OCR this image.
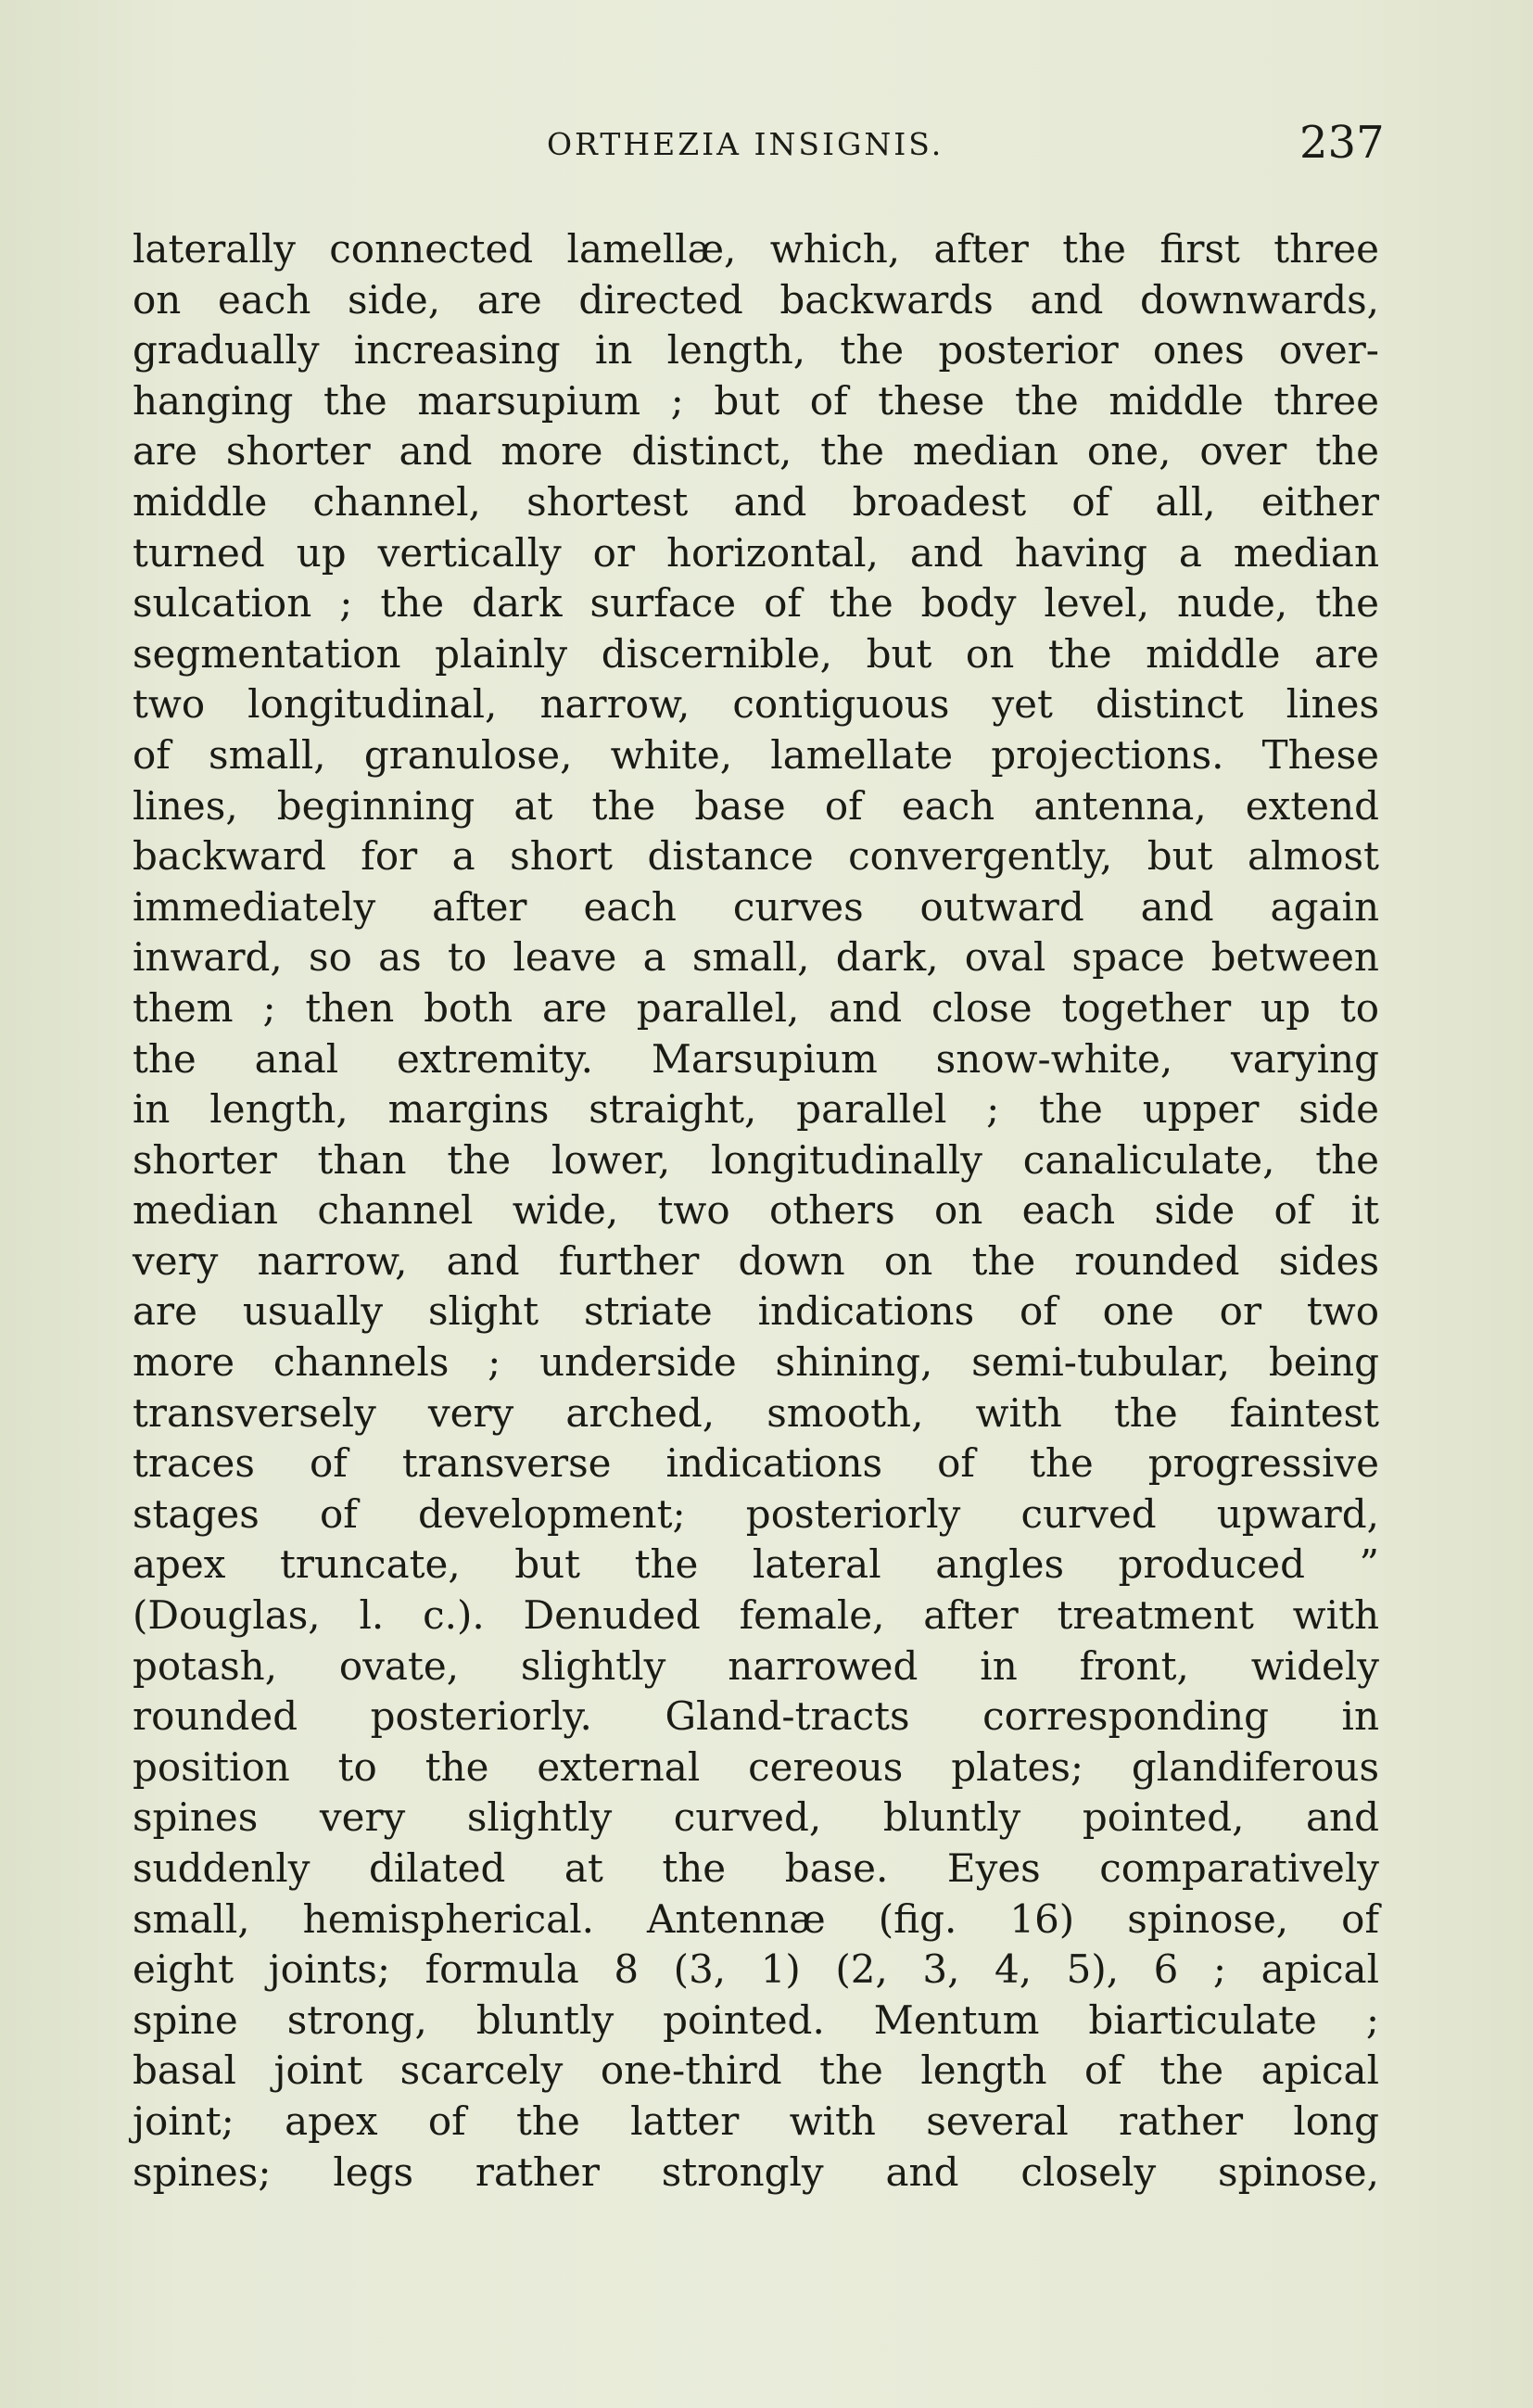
ORTHEZIA INSIGNIS.	237
laterally connected lamellæ, which, after the first three
on each side, are directed backwards and downwards,
gradually increasing in length, the posterior ones over-
hanging the marsupium ; but of these the middle three
are shorter and more distinct, the median one, over the
middle channel, shortest and broadest of all, either
turned up vertically or horizontal, and having a median
sulcation ; the dark surface of the body level, nude, the
segmentation plainly discernible, but on the middle are
two longitudinal, narrow, contiguous yet distinct lines
of small, granulose, white, lamellate projections. These
lines, beginning at the base of each antenna, extend
backward for a short distance convergently, but almost
immediately after each curves outward and again
inward, so as to leave a small, dark, oval space between
them ; then both are parallel, and close together up to
the anal extremity. Marsupium snow-white, varying
in length, margins straight, parallel ; the upper side
shorter than the lower, longitudinally canaliculate, the
median channel wide, two others on each side of it
very narrow, and further down on the rounded sides
are usually slight striate indications of one or two
more channels ; underside shining, semi-tubular, being
transversely very arched, smooth, with the faintest
traces of transverse indications of the progressive
stages of development; posteriorly curved upward,
apex truncate, but the lateral angles produced ”
(Douglas, l. c.). Denuded female, after treatment with
potash, ovate, slightly narrowed in front, widely
rounded posteriorly. Gland-tracts corresponding in
position to the external cereous plates; glandiferous
spines very slightly curved, bluntly pointed, and
suddenly dilated at the base. Eyes comparatively
small, hemispherical. Antennæ (fig. 16) spinose, of
eight joints; formula 8 (3, 1) (2, 3, 4, 5), 6 ; apical
spine strong, bluntly pointed. Mentum biarticulate ;
basal joint scarcely one-third the length of the apical
joint; apex of the latter with several rather long
spines; legs rather strongly and closely spinose,
